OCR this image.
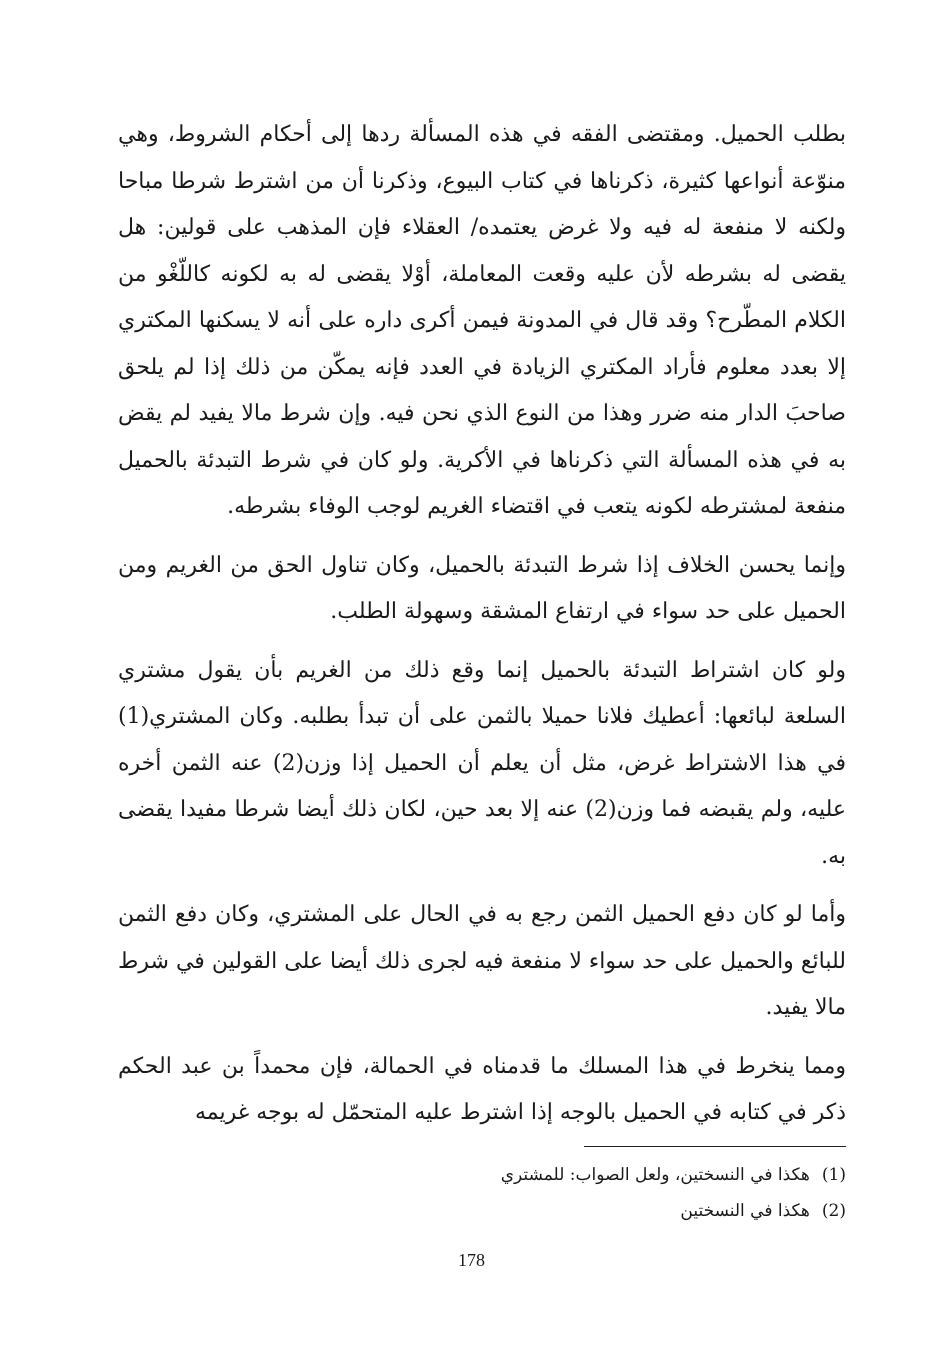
بطلب الحميل. ومقتضى الفقه في هذه المسألة ردها إلى أحكام الشروط، وهي منوّعة أنواعها كثيرة، ذكرناها في كتاب البيوع، وذكرنا أن من اشترط شرطا مباحا ولكنه لا منفعة له فيه ولا غرض يعتمده/ العقلاء فإن المذهب على قولين: هل يقضى له بشرطه لأن عليه وقعت المعاملة، أوْلا يقضى له به لكونه كاللّغْو من الكلام المطّرح؟ وقد قال في المدونة فيمن أكرى داره على أنه لا يسكنها المكتري إلا بعدد معلوم فأراد المكتري الزيادة في العدد فإنه يمكّن من ذلك إذا لم يلحق صاحبَ الدار منه ضرر وهذا من النوع الذي نحن فيه. وإن شرط مالا يفيد لم يقض به في هذه المسألة التي ذكرناها في الأكرية. ولو كان في شرط التبدئة بالحميل منفعة لمشترطه لكونه يتعب في اقتضاء الغريم لوجب الوفاء بشرطه.

وإنما يحسن الخلاف إذا شرط التبدئة بالحميل، وكان تناول الحق من الغريم ومن الحميل على حد سواء في ارتفاع المشقة وسهولة الطلب.

ولو كان اشتراط التبدئة بالحميل إنما وقع ذلك من الغريم بأن يقول مشتري السلعة لبائعها: أعطيك فلانا حميلا بالثمن على أن تبدأ بطلبه. وكان المشتري(1) في هذا الاشتراط غرض، مثل أن يعلم أن الحميل إذا وزن(2) عنه الثمن أخره عليه، ولم يقبضه فما وزن(2) عنه إلا بعد حين، لكان ذلك أيضا شرطا مفيدا يقضى به.

وأما لو كان دفع الحميل الثمن رجع به في الحال على المشتري، وكان دفع الثمن للبائع والحميل على حد سواء لا منفعة فيه لجرى ذلك أيضا على القولين في شرط مالا يفيد.

ومما ينخرط في هذا المسلك ما قدمناه في الحمالة، فإن محمداً بن عبد الحكم ذكر في كتابه في الحميل بالوجه إذا اشترط عليه المتحمّل له بوجه غريمه

(1)هكذا في النسختين، ولعل الصواب: للمشتري

(2)هكذا في النسختين

178
